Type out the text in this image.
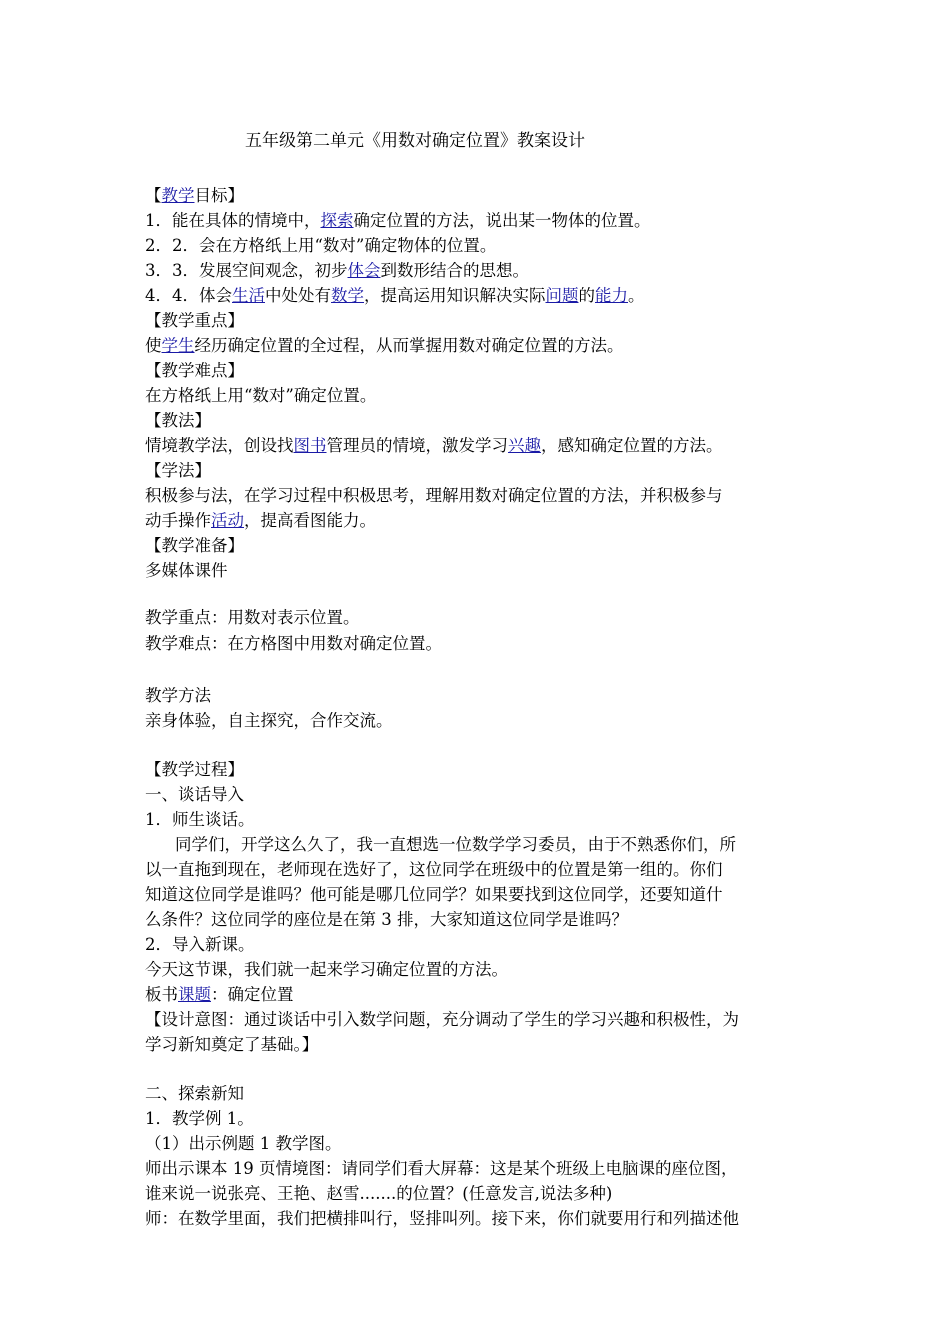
五年级第二单元《用数对确定位置》教案设计
【教学目标】
1．能在具体的情境中，探索确定位置的方法，说出某一物体的位置。
2．2．会在方格纸上用“数对”确定物体的位置。
3．3．发展空间观念，初步体会到数形结合的思想。
4．4．体会生活中处处有数学，提高运用知识解决实际问题的能力。
【教学重点】
使学生经历确定位置的全过程，从而掌握用数对确定位置的方法。
【教学难点】
在方格纸上用“数对”确定位置。
【教法】
情境教学法，创设找图书管理员的情境，激发学习兴趣，感知确定位置的方法。
【学法】
积极参与法，在学习过程中积极思考，理解用数对确定位置的方法，并积极参与
动手操作活动，提高看图能力。
【教学准备】
多媒体课件
教学重点：用数对表示位置。
教学难点：在方格图中用数对确定位置。
教学方法
亲身体验，自主探究，合作交流。
【教学过程】
一、谈话导入
1．师生谈话。
同学们，开学这么久了，我一直想选一位数学学习委员，由于不熟悉你们，所
以一直拖到现在，老师现在选好了，这位同学在班级中的位置是第一组的。你们
知道这位同学是谁吗？他可能是哪几位同学？如果要找到这位同学，还要知道什
么条件？这位同学的座位是在第 3 排，大家知道这位同学是谁吗？
2．导入新课。
今天这节课，我们就一起来学习确定位置的方法。
板书课题：确定位置
【设计意图：通过谈话中引入数学问题，充分调动了学生的学习兴趣和积极性，为
学习新知奠定了基础。】
二、探索新知
1．教学例 1。
（1）出示例题 1 教学图。
师出示课本 19 页情境图：请同学们看大屏幕：这是某个班级上电脑课的座位图，
谁来说一说张亮、王艳、赵雪.......的位置？(任意发言,说法多种)
师：在数学里面，我们把横排叫行，竖排叫列。接下来，你们就要用行和列描述他
